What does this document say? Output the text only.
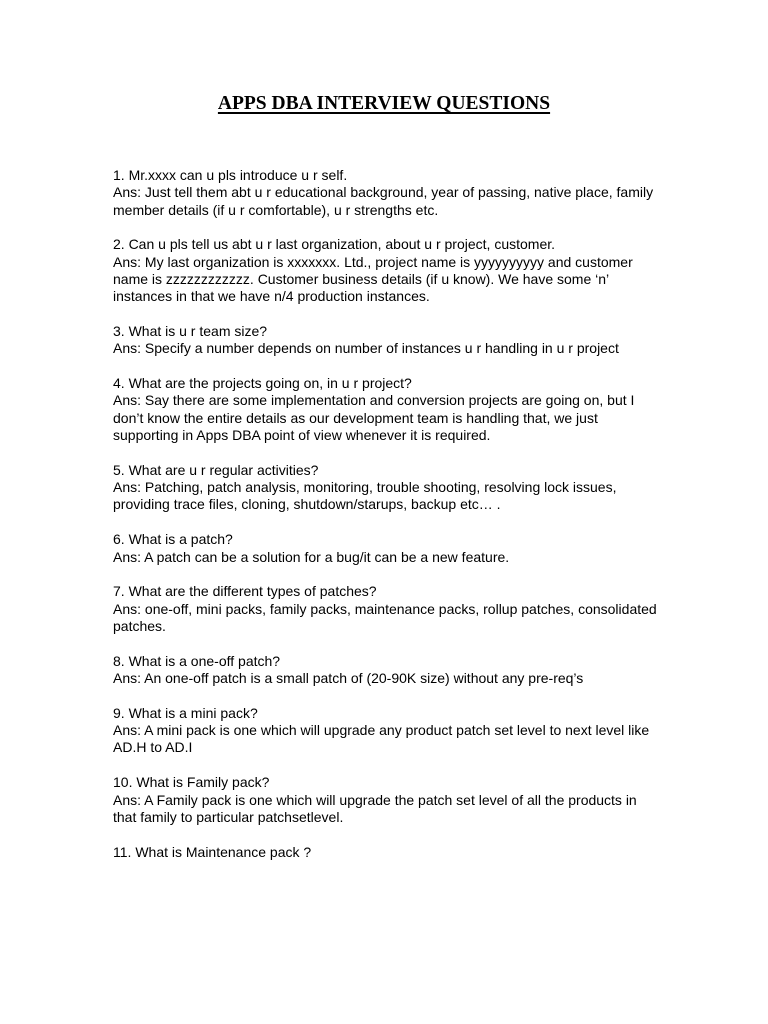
APPS DBA INTERVIEW QUESTIONS

1. Mr.xxxx can u pls introduce u r self.

Ans: Just tell them abt u r educational background, year of passing, native place, family member details (if u r comfortable), u r strengths etc.

2. Can u pls tell us abt u r last organization, about u r project, customer.

Ans: My last organization is xxxxxxx. Ltd., project name is yyyyyyyyyy and customer name is zzzzzzzzzzzz. Customer business details (if u know). We have some ‘n’ instances in that we have n/4 production instances.

3. What is u r team size?

Ans: Specify a number depends on number of instances u r handling in u r project

4. What are the projects going on, in u r project?

Ans: Say there are some implementation and conversion projects are going on, but I don’t know the entire details as our development team is handling that, we just supporting in Apps DBA point of view whenever it is required.

5. What are u r regular activities?

Ans: Patching, patch analysis, monitoring, trouble shooting, resolving lock issues, providing trace files, cloning, shutdown/starups, backup etc… .

6. What is a patch?

Ans: A patch can be a solution for a bug/it can be a new feature.

7. What are the different types of patches?

Ans: one-off, mini packs, family packs, maintenance packs, rollup patches, consolidated patches.

8. What is a one-off patch?

Ans: An one-off patch is a small patch of (20-90K size) without any pre-req’s

9. What is a mini pack?

Ans: A mini pack is one which will upgrade any product patch set level to next level like AD.H to AD.I

10. What is Family pack?

Ans: A Family pack is one which will upgrade the patch set level of all the products in that family to particular patchsetlevel.

11. What is Maintenance pack ?
